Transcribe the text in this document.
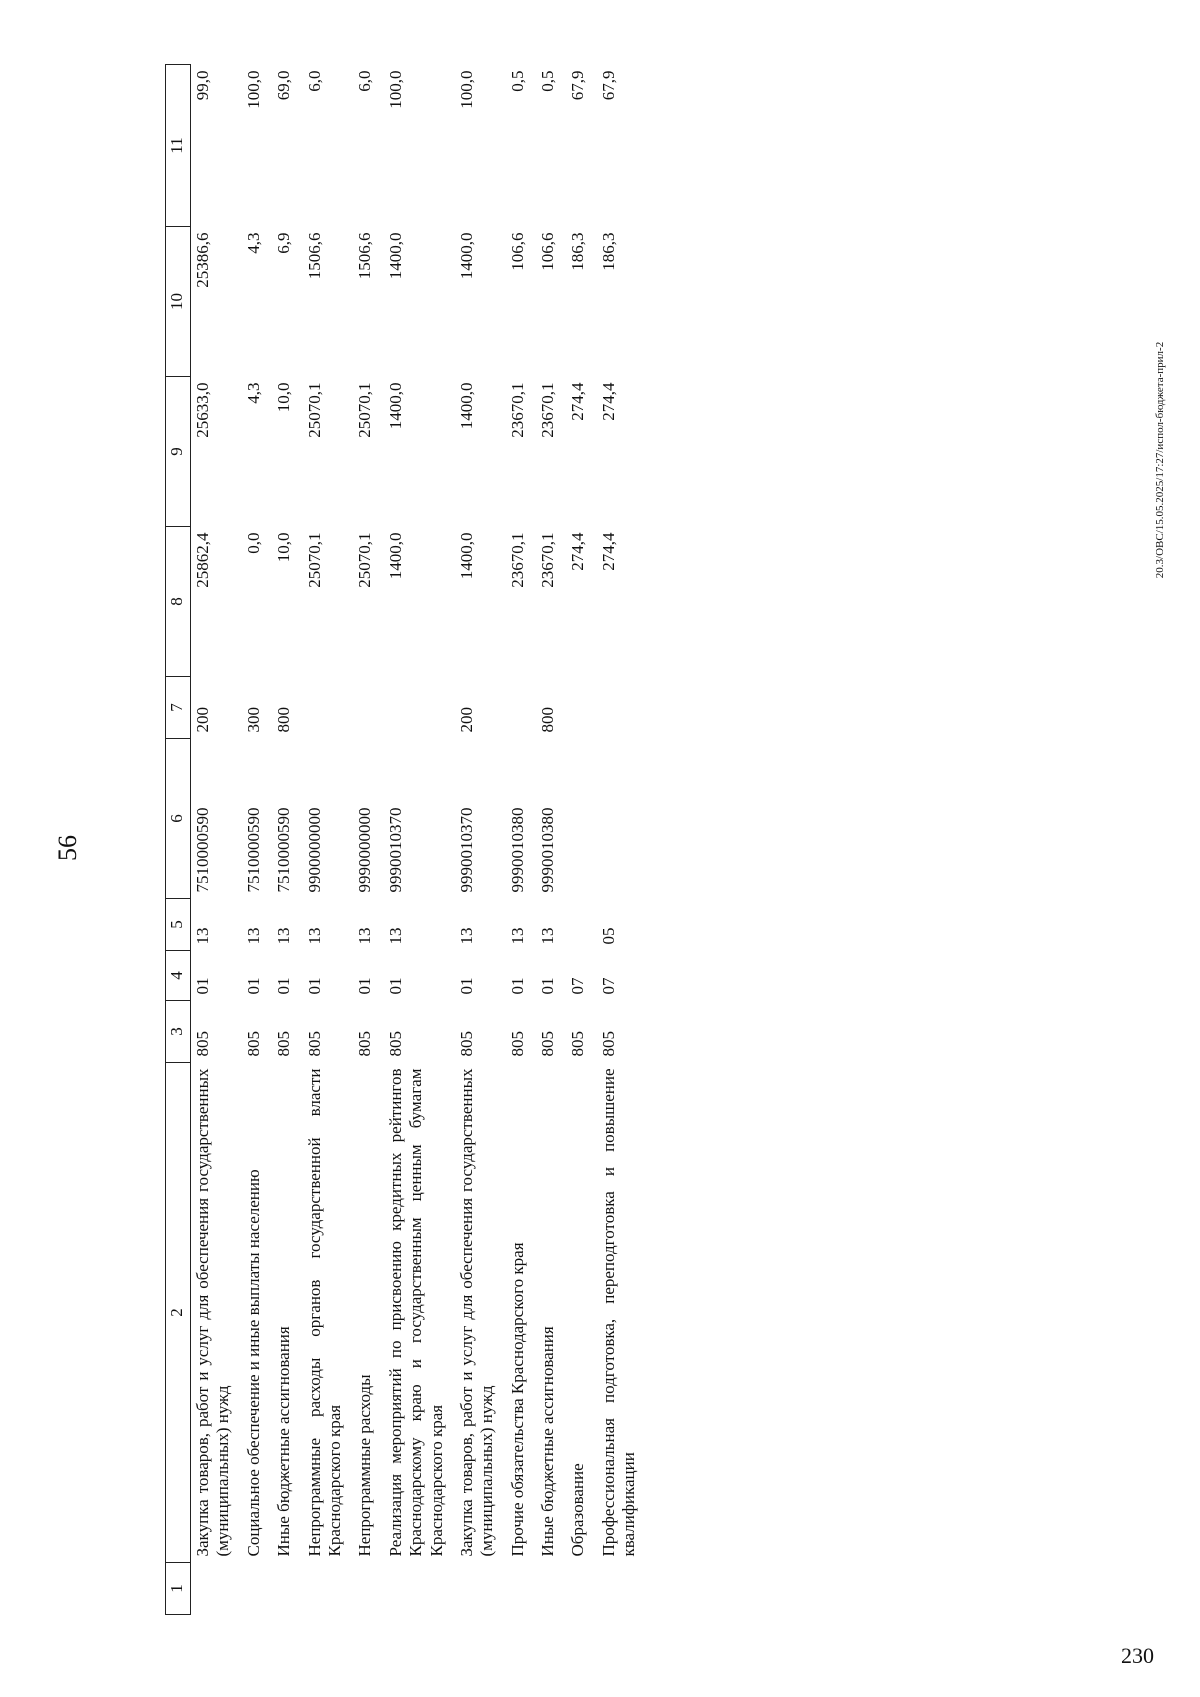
56
20.3/ОВС/15.05.2025/17:27/испол-бюджета-прил-2
230
1	2	3	4	5	6	7	8	9	10	11
	Закупка товаров, работ и услуг для обеспечения государственных (муниципальных) нужд	805	01	13	7510000590	200	25862,4	25633,0	25386,6	99,0
	Социальное обеспечение и иные выплаты населению	805	01	13	7510000590	300	0,0	4,3	4,3	100,0
	Иные бюджетные ассигнования	805	01	13	7510000590	800	10,0	10,0	6,9	69,0
	Непрограммные расходы органов государственной власти Краснодарского края	805	01	13	9900000000		25070,1	25070,1	1506,6	6,0
	Непрограммные расходы	805	01	13	9990000000		25070,1	25070,1	1506,6	6,0
	Реализация мероприятий по присвоению кредитных рейтингов Краснодарскому краю и государственным ценным бумагам Краснодарского края	805	01	13	9990010370		1400,0	1400,0	1400,0	100,0
	Закупка товаров, работ и услуг для обеспечения государственных (муниципальных) нужд	805	01	13	9990010370	200	1400,0	1400,0	1400,0	100,0
	Прочие обязательства Краснодарского края	805	01	13	9990010380		23670,1	23670,1	106,6	0,5
	Иные бюджетные ассигнования	805	01	13	9990010380	800	23670,1	23670,1	106,6	0,5
	Образование	805	07				274,4	274,4	186,3	67,9
	Профессиональная подготовка, переподготовка и повышение квалификации	805	07	05			274,4	274,4	186,3	67,9
